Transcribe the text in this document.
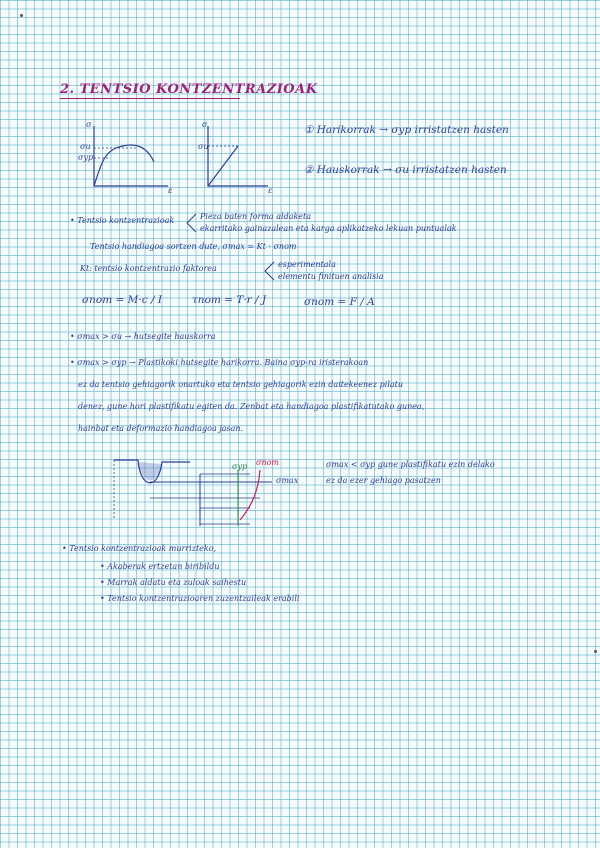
2. TENTSIO KONTZENTRAZIOAK
σ
σu
σyp
ε
σ
σu
ε
① Harikorrak → σyp irristatzen hasten
② Hauskorrak → σu irristatzen hasten
• Tentsio kontzentrazioak	Pieza baten forma aldaketa
ekarritako gainazalean eta karga aplikatzeko lekuan puntualak
Tentsio handiagoa sortzen dute, σmax = Kt · σnom
Kt: tentsio kontzentrazio faktorea	esperimentala
elementu finituen analisia
σnom = M·c / I	τnom = T·r / J	σnom = F / A
• σmax > σu → hutsegite hauskorra
• σmax > σyp → Plastikoki hutsegite harikorra. Baina σyp-ra iristerakoan
ez da tentsio gehiagorik onartuko eta tentsio gehiagorik ezin daitekeenez pilatu
denez, gune hori plastifikatu egiten da. Zenbat eta handiagoa plastifikatutako gunea,
hainbat eta deformazio handiagoa jasan.
σyp σnom
σmax
σmax < σyp gune plastifikatu ezin delako
ez da ezer gehiago pasatzen
• Tentsio kontzentrazioak murrizteko,
• Akaberak ertzetan biribildu
• Marrak aldatu eta zuloak saihestu
• Tentsio kontzentrazioaren zuzentzaileak erabili
